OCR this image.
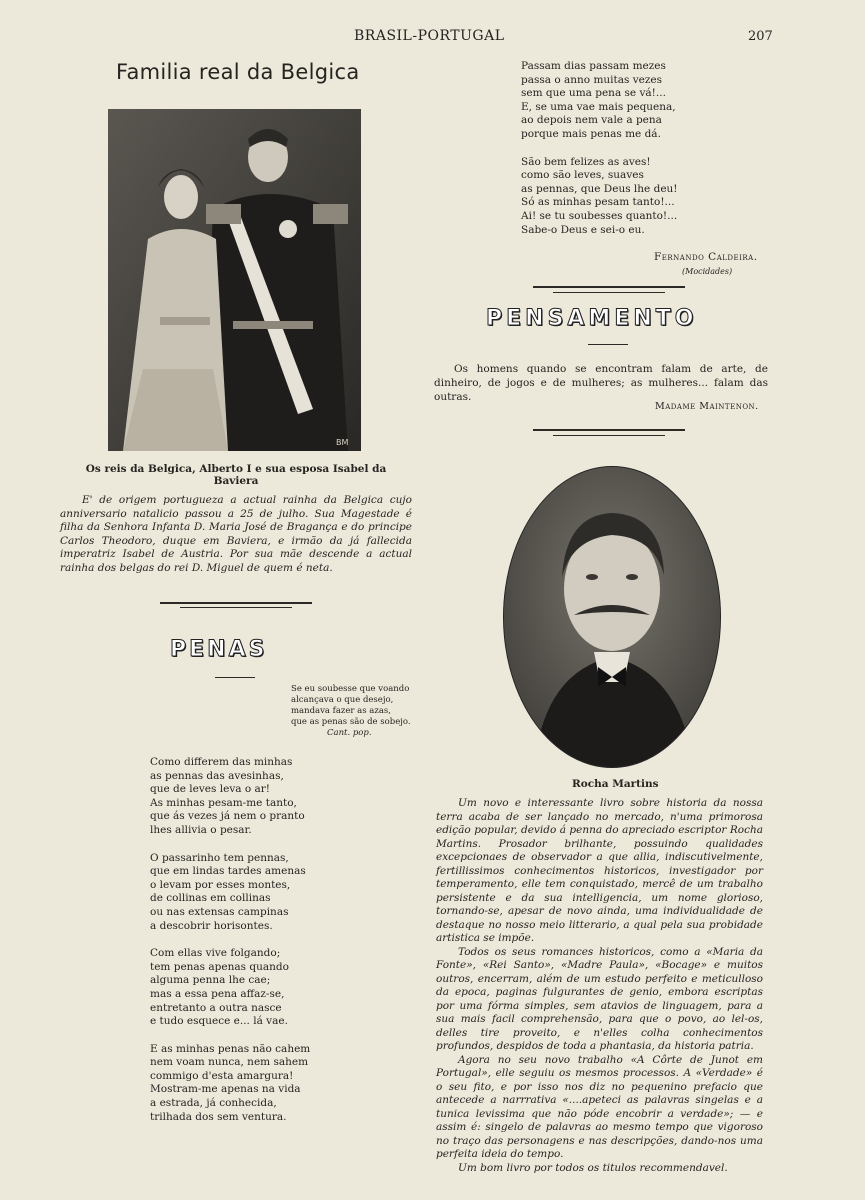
BRASIL-PORTUGAL	207
Familia real da Belgica
BM
Os reis da Belgica, Alberto I e sua esposa Isabel da Baviera

E' de origem portugueza a actual rainha da Belgica cujo anniversario natalicio passou a 25 de julho. Sua Magestade é filha da Senhora Infanta D. Maria José de Bragança e do principe Carlos Theodoro, duque em Baviera, e irmão da já fallecida imperatriz Isabel de Austria. Por sua mãe descende a actual rainha dos belgas do rei D. Miguel de quem é neta.

PENAS
Se eu soubesse que voando
alcançava o que desejo,
mandava fazer as azas,
que as penas são de sobejo.
Cant. pop.
Como differem das minhas
as pennas das avesinhas,
que de leves leva o ar!
As minhas pesam-me tanto,
que ás vezes já nem o pranto
lhes allivia o pesar.
O passarinho tem pennas,
que em lindas tardes amenas
o levam por esses montes,
de collinas em collinas
ou nas extensas campinas
a descobrir horisontes.
Com ellas vive folgando;
tem penas apenas quando
alguma penna lhe cae;
mas a essa pena affaz-se,
entretanto a outra nasce
e tudo esquece e... lá vae.
E as minhas penas não cahem
nem voam nunca, nem sahem
commigo d'esta amargura!
Mostram-me apenas na vida
a estrada, já conhecida,
trilhada dos sem ventura.
Passam dias passam mezes
passa o anno muitas vezes
sem que uma pena se vá!...
E, se uma vae mais pequena,
ao depois nem vale a pena
porque mais penas me dá.
São bem felizes as aves!
como são leves, suaves
as pennas, que Deus lhe deu!
Só as minhas pesam tanto!...
Ai! se tu soubesses quanto!...
Sabe-o Deus e sei-o eu.
Fernando Caldeira.
(Mocidades)
PENSAMENTO

Os homens quando se encontram falam de arte, de dinheiro, de jogos e de mulheres; as mulheres... falam das outras.

Madame Maintenon.
Rocha Martins

Um novo e interessante livro sobre historia da nossa terra acaba de ser lançado no mercado, n'uma primorosa edição popular, devido á penna do apreciado escriptor Rocha Martins. Prosador brilhante, possuindo qualidades excepcionaes de observador a que allia, indiscutivelmente, fertillissimos conhecimentos historicos, investigador por temperamento, elle tem conquistado, mercê de um trabalho persistente e da sua intelligencia, um nome glorioso, tornando-se, apesar de novo ainda, uma individualidade de destaque no nosso meio litterario, a qual pela sua probidade artistica se impõe.

Todos os seus romances historicos, como a «Maria da Fonte», «Rei Santo», «Madre Paula», «Bocage» e muitos outros, encerram, além de um estudo perfeito e meticulloso da epoca, paginas fulgurantes de genio, embora escriptas por uma fórma simples, sem atavios de linguagem, para a sua mais facil comprehensão, para que o povo, ao lel-os, delles tire proveito, e n'elles colha conhecimentos profundos, despidos de toda a phantasia, da historia patria.

Agora no seu novo trabalho «A Côrte de Junot em Portugal», elle seguiu os mesmos processos. A «Verdade» é o seu fito, e por isso nos diz no pequenino prefacio que antecede a narrrativa «....apeteci as palavras singelas e a tunica levissima que não póde encobrir a verdade»; — e assim é: singelo de palavras ao mesmo tempo que vigoroso no traço das personagens e nas descripções, dando-nos uma perfeita ideia do tempo.

Um bom livro por todos os titulos recommendavel.
